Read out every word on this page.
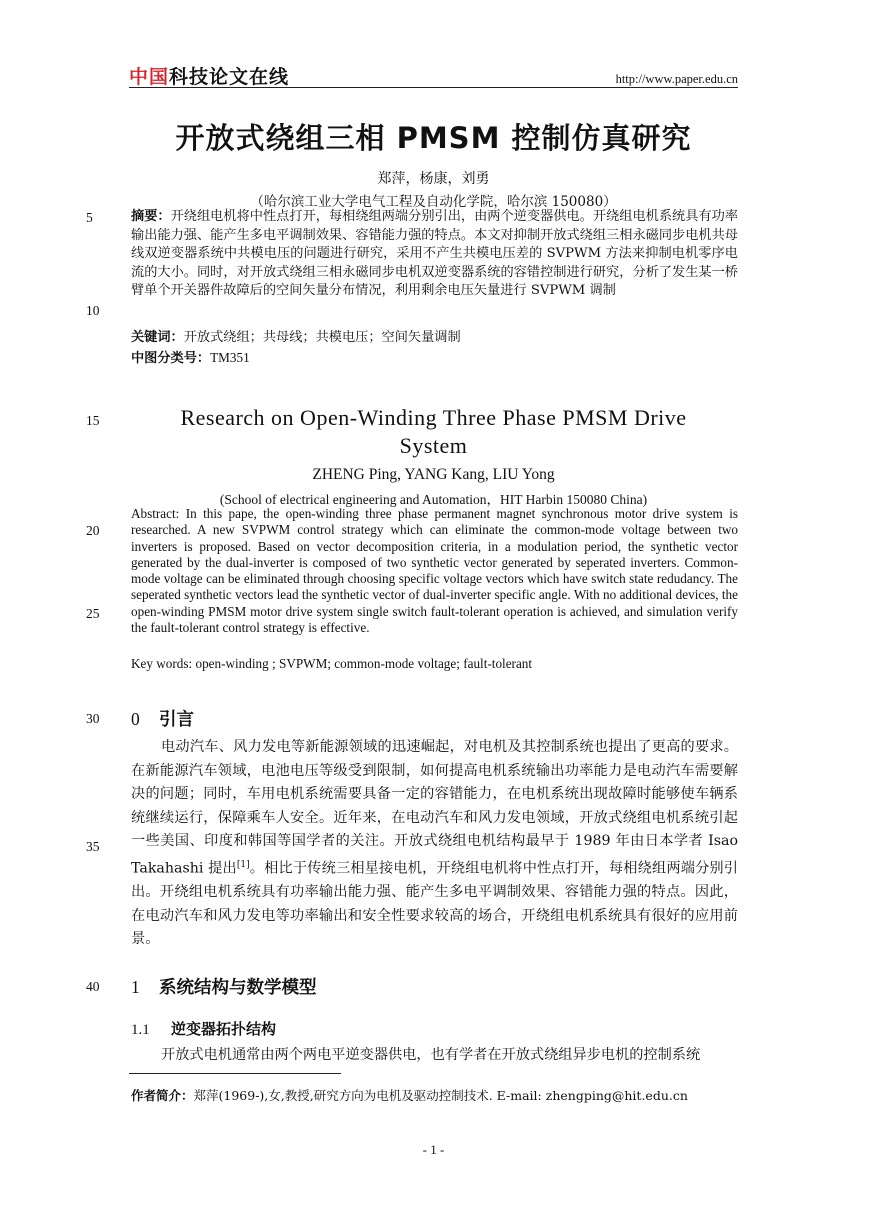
中国科技论文在线	http://www.paper.edu.cn
开放式绕组三相 PMSM 控制仿真研究
郑萍，杨康，刘勇
（哈尔滨工业大学电气工程及自动化学院，哈尔滨 150080）
摘要：开绕组电机将中性点打开，每相绕组两端分别引出，由两个逆变器供电。开绕组电机系统具有功率输出能力强、能产生多电平调制效果、容错能力强的特点。本文对抑制开放式绕组三相永磁同步电机共母线双逆变器系统中共模电压的问题进行研究，采用不产生共模电压差的 SVPWM 方法来抑制电机零序电流的大小。同时，对开放式绕组三相永磁同步电机双逆变器系统的容错控制进行研究，分析了发生某一桥臂单个开关器件故障后的空间矢量分布情况，利用剩余电压矢量进行 SVPWM 调制
关键词：开放式绕组；共母线；共模电压；空间矢量调制
中图分类号：TM351
Research on Open-Winding Three Phase PMSM Drive
System
ZHENG Ping, YANG Kang, LIU Yong
(School of electrical engineering and Automation，HIT Harbin 150080 China)
Abstract: In this pape, the open-winding three phase permanent magnet synchronous motor drive system is researched. A new SVPWM control strategy which can eliminate the common-mode voltage between two inverters is proposed. Based on vector decomposition criteria, in a modulation period, the synthetic vector generated by the dual-inverter is composed of two synthetic vector generated by seperated inverters. Common-mode voltage can be eliminated through choosing specific voltage vectors which have switch state redudancy. The seperated synthetic vectors lead the synthetic vector of dual-inverter specific angle. With no additional devices, the open-winding PMSM motor drive system single switch fault-tolerant operation is achieved, and simulation verify the fault-tolerant control strategy is effective.
Key words: open-winding ; SVPWM; common-mode voltage; fault-tolerant
0 引言
电动汽车、风力发电等新能源领域的迅速崛起，对电机及其控制系统也提出了更高的要求。在新能源汽车领域，电池电压等级受到限制，如何提高电机系统输出功率能力是电动汽车需要解决的问题；同时，车用电机系统需要具备一定的容错能力，在电机系统出现故障时能够使车辆系统继续运行，保障乘车人安全。近年来，在电动汽车和风力发电领域，开放式绕组电机系统引起一些美国、印度和韩国等国学者的关注。开放式绕组电机结构最早于 1989 年由日本学者 Isao Takahashi 提出[1]。相比于传统三相星接电机，开绕组电机将中性点打开，每相绕组两端分别引出。开绕组电机系统具有功率输出能力强、能产生多电平调制效果、容错能力强的特点。因此，在电动汽车和风力发电等功率输出和安全性要求较高的场合，开绕组电机系统具有很好的应用前景。
1 系统结构与数学模型
1.1 逆变器拓扑结构
开放式电机通常由两个两电平逆变器供电，也有学者在开放式绕组异步电机的控制系统
作者简介：郑萍(1969-),女,教授,研究方向为电机及驱动控制技术. E-mail: zhengping@hit.edu.cn
- 1 -
5
10
15
20
25
30
35
40
